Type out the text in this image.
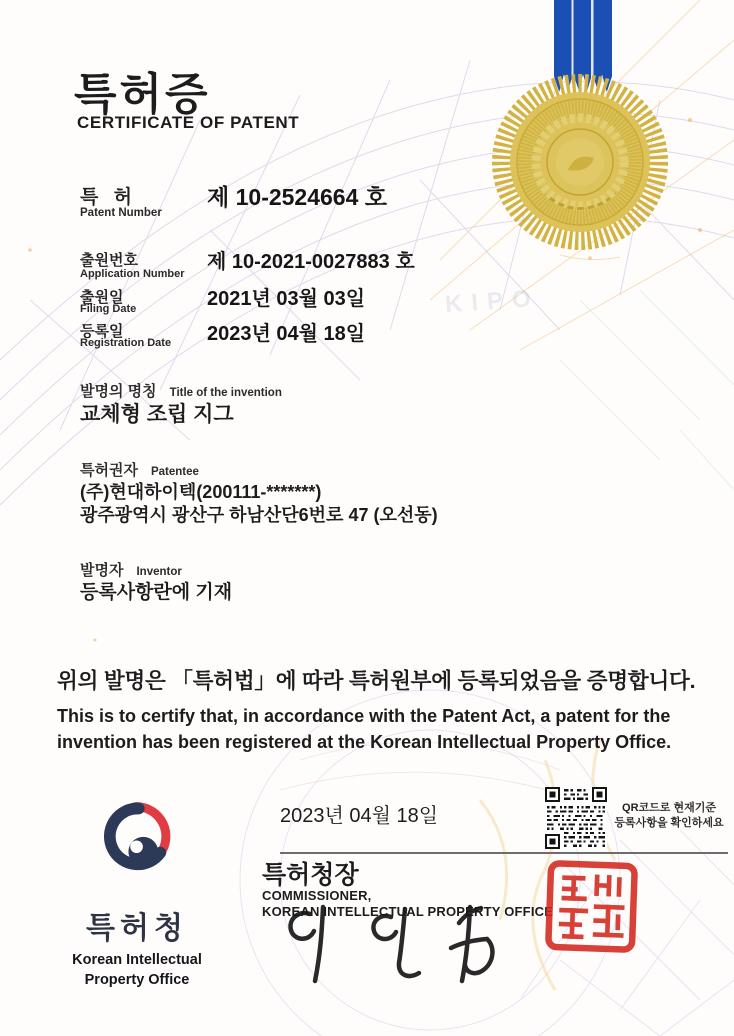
KIPO
특허증
CERTIFICATE OF PATENT
특 허
Patent Number
제 10-2524664 호
출원번호
Application Number
제 10-2021-0027883 호
출원일
Filing Date	2021년 03월 03일
등록일
Registration Date 2023년 04월 18일
발명의 명칭 Title of the invention
교체형 조립 지그
특허권자 Patentee
(주)현대하이텍(200111-*******)
광주광역시 광산구 하남산단6번로 47 (오선동)
발명자 Inventor
등록사항란에 기재
위의 발명은 「특허법」에 따라 특허원부에 등록되었음을 증명합니다.
This is to certify that, in accordance with the Patent Act, a patent for the
invention has been registered at the Korean Intellectual Property Office.
2023년 04월 18일	QR코드로 현재기준
등록사항을 확인하세요
특허청장
COMMISSIONER,
KOREAN INTELLECTUAL PROPERTY OFFICE
특허청
Korean Intellectual
Property Office
